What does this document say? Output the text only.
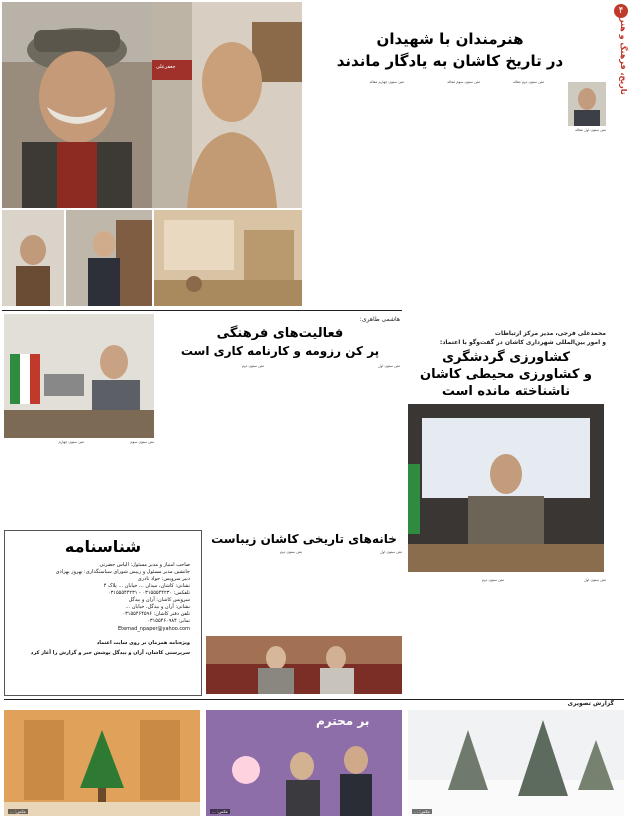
۴
تاریخ، فرهنگ و هنر
جعفرعلی
هنرمندان با شهیدان
در تاریخ کاشان به یادگار ماندند
متن ستون اول مقاله
متن ستون دوم مقاله
متن ستون سوم مقاله
متن ستون چهارم مقاله
هاشمی طاهری:
فعالیت‌های فرهنگی
پر کن رزومه و کارنامه کاری است
متن ستون اول
متن ستون دوم
متن ستون سوم
متن ستون چهارم
محمدعلی فرجی، مدیر مرکز ارتباطات
و امور بین‌المللی شهرداری کاشان در گفت‌وگو با اعتماد:
کشاورزی گردشگری
و کشاورزی محیطی کاشان
ناشناخته مانده است
متن ستون اول
متن ستون دوم
شناسنامه
صاحب امتیاز و مدیر مسئول: الیاس حضرتی
جانشین مدیر مسئول و رییس شورای سیاستگذاری: بهروز بهزادی
دبیر سرویس: جواد نادری
نشانی: کاشان، میدان ... خیابان ... پلاک ۴
تلفکس: ۰۳۱۵۵۵۴۴۲۳۰ - ۰۳۱۵۵۵۴۴۲۳۱
سرویس کاشان: آران و بیدگل
نشانی: آران و بیدگل، خیابان ...
تلفن دفتر کاشان: ۰۳۱۵۵۴۶۴۵۹۶
نمابر: ۰۳۱۵۵۴۶۰۹۸۴
Etemad_npaper@yahoo.com
ویژه‌نامه همزمان بر روی سایت اعتماد
سرپرستی کاشان، آران و بیدگل پوشش خبر و گزارش را آغاز کرد
خانه‌های تاریخی کاشان زیباست
متن ستون اول
متن ستون دوم
گزارش تصویری
عکس: ...
بر محترم
عکس: ...	عکس: ...
